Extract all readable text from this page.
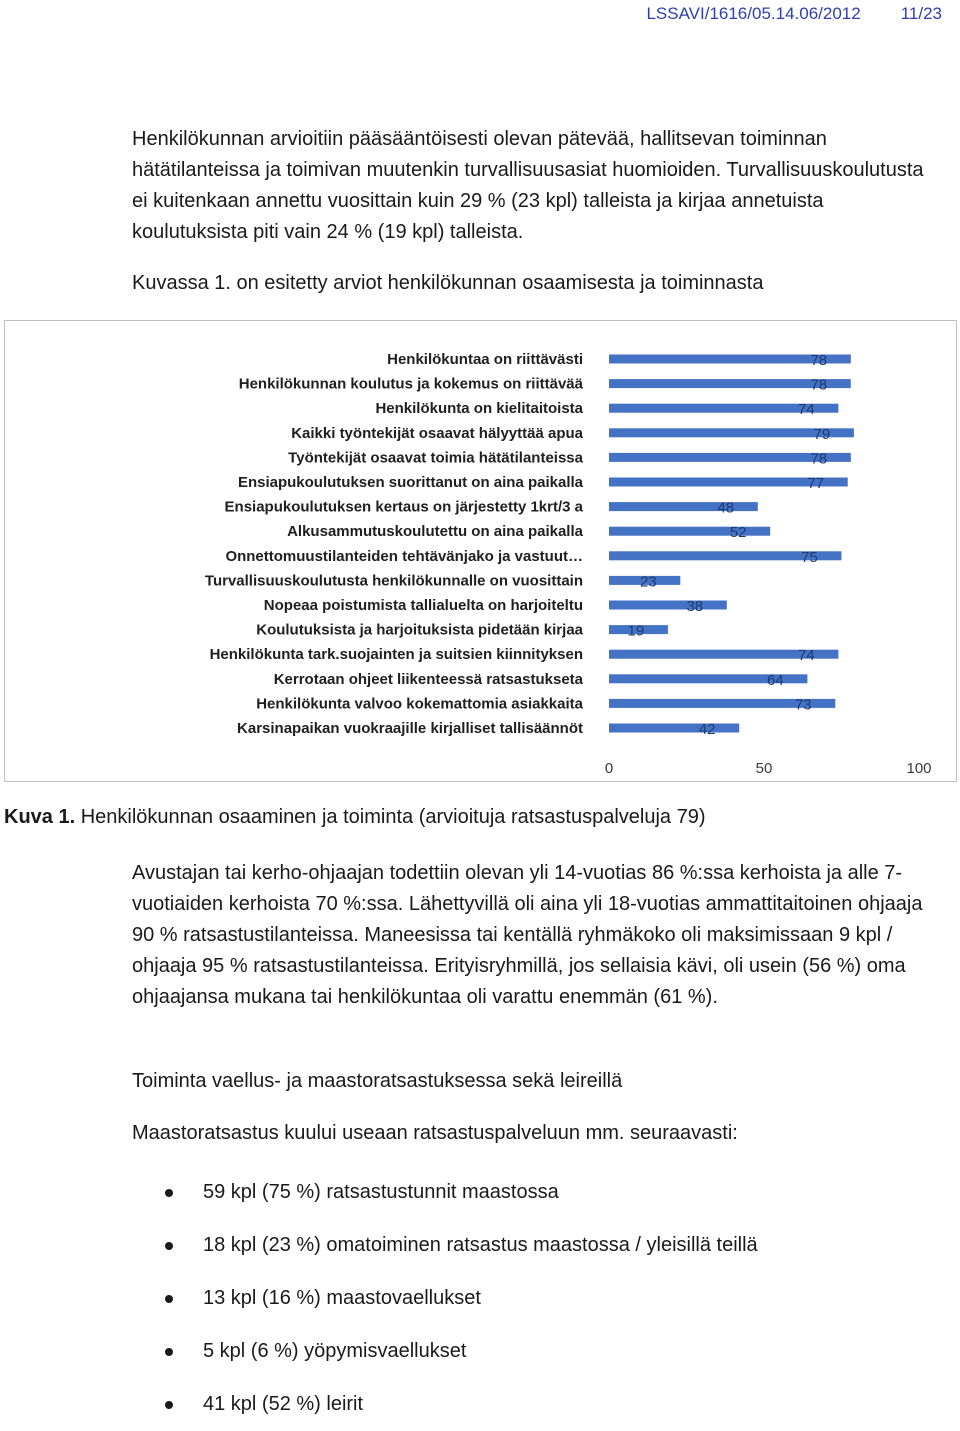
LSSAVI/1616/05.14.06/2012 11/23
Henkilökunnan arvioitiin pääsääntöisesti olevan pätevää, hallitsevan toiminnan hätätilanteissa ja toimivan muutenkin turvallisuusasiat huomioiden. Turvallisuuskoulutusta ei kuitenkaan annettu vuosittain kuin 29 % (23 kpl) talleista ja kirjaa annetuista koulutuksista piti vain 24 % (19 kpl) talleista.
Kuvassa 1. on esitetty arviot henkilökunnan osaamisesta ja toiminnasta
Henkilökuntaa on riittävästi	78
Henkilökunnan koulutus ja kokemus on riittävää	78
Henkilökunta on kielitaitoista	74
Kaikki työntekijät osaavat hälyyttää apua	79
Työntekijät osaavat toimia hätätilanteissa	78
Ensiapukoulutuksen suorittanut on aina paikalla	77
Ensiapukoulutuksen kertaus on järjestetty 1krt/3 a	48
Alkusammutuskoulutettu on aina paikalla	52
Onnettomuustilanteiden tehtävänjako ja vastuut…	75
Turvallisuuskoulutusta henkilökunnalle on vuosittain	23
Nopeaa poistumista tallialuelta on harjoiteltu	38
Koulutuksista ja harjoituksista pidetään kirjaa	19
Henkilökunta tark.suojainten ja suitsien kiinnityksen	74
Kerrotaan ohjeet liikenteessä ratsastukseta	64
Henkilökunta valvoo kokemattomia asiakkaita	73
Karsinapaikan vuokraajille kirjalliset tallisäännöt	42
0	50	100
Kuva 1. Henkilökunnan osaaminen ja toiminta (arvioituja ratsastuspalveluja 79)
Avustajan tai kerho-ohjaajan todettiin olevan yli 14-vuotias 86 %:ssa kerhoista ja alle 7-vuotiaiden kerhoista 70 %:ssa. Lähettyvillä oli aina yli 18-vuotias ammattitaitoinen ohjaaja 90 % ratsastustilanteissa. Maneesissa tai kentällä ryhmäkoko oli maksimissaan 9 kpl / ohjaaja 95 % ratsastustilanteissa. Erityisryhmillä, jos sellaisia kävi, oli usein (56 %) oma ohjaajansa mukana tai henkilökuntaa oli varattu enemmän (61 %).
Toiminta vaellus- ja maastoratsastuksessa sekä leireillä
Maastoratsastus kuului useaan ratsastuspalveluun mm. seuraavasti:
59 kpl (75 %) ratsastustunnit maastossa
18 kpl (23 %) omatoiminen ratsastus maastossa / yleisillä teillä
13 kpl (16 %) maastovaellukset
5 kpl (6 %) yöpymisvaellukset
41 kpl (52 %) leirit
